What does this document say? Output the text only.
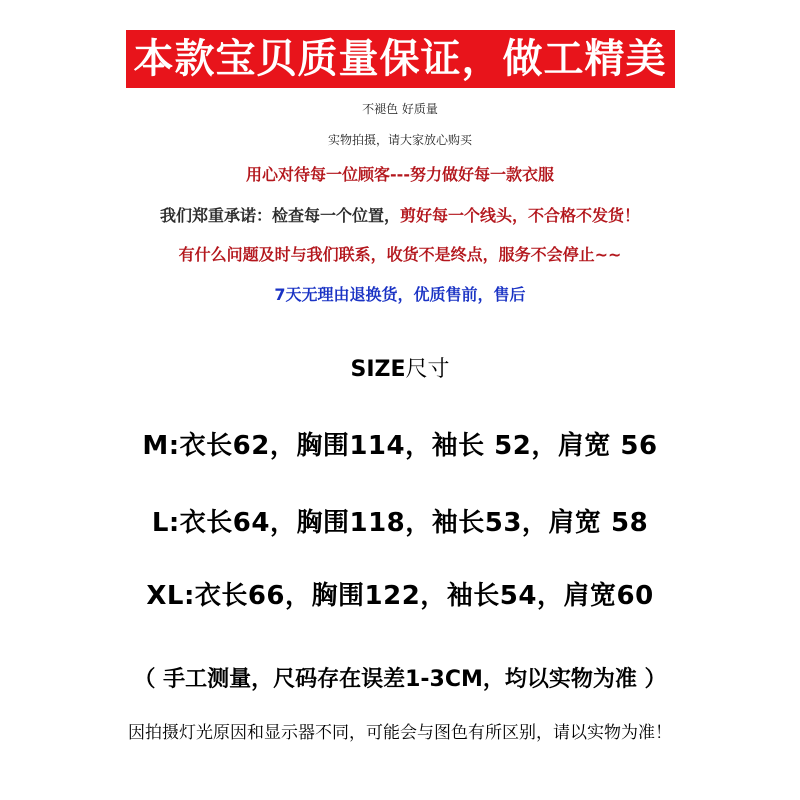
本款宝贝质量保证，做工精美
不褪色 好质量
实物拍摄，请大家放心购买
用心对待每一位顾客---努力做好每一款衣服
我们郑重承诺：检查每一个位置，剪好每一个线头，不合格不发货！
有什么问题及时与我们联系，收货不是终点，服务不会停止~~
7天无理由退换货，优质售前，售后
SIZE尺寸
M:衣长62，胸围114，袖长 52，肩宽 56
L:衣长64，胸围118，袖长53，肩宽 58
XL:衣长66，胸围122，袖长54，肩宽60
（ 手工测量，尺码存在误差1-3CM，均以实物为准 ）
因拍摄灯光原因和显示器不同，可能会与图色有所区别，请以实物为准！
